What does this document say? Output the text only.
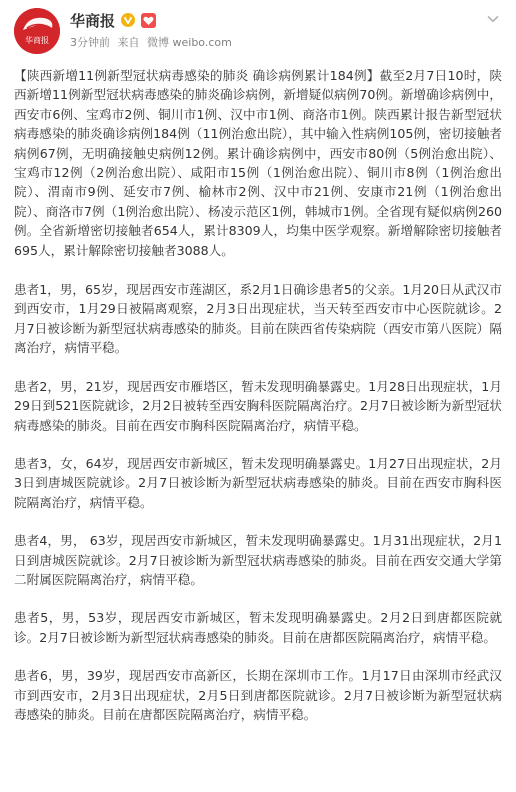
华商报
华商报
3分钟前 来自 微博 weibo.com

【陕西新增11例新型冠状病毒感染的肺炎 确诊病例累计184例】截至2月7日10时，陕西新增11例新型冠状病毒感染的肺炎确诊病例，新增疑似病例70例。新增确诊病例中，西安市6例、宝鸡市2例、铜川市1例、汉中市1例、商洛市1例。陕西累计报告新型冠状病毒感染的肺炎确诊病例184例（11例治愈出院），其中输入性病例105例，密切接触者病例67例，无明确接触史病例12例。累计确诊病例中，西安市80例（5例治愈出院）、宝鸡市12例（2例治愈出院）、咸阳市15例（1例治愈出院）、铜川市8例（1例治愈出院）、渭南市9例、延安市7例、榆林市2例、汉中市21例、安康市21例（1例治愈出院）、商洛市7例（1例治愈出院）、杨凌示范区1例，韩城市1例。全省现有疑似病例260例。全省新增密切接触者654人，累计8309人，均集中医学观察。新增解除密切接触者695人，累计解除密切接触者3088人。

患者1，男，65岁，现居西安市莲湖区，系2月1日确诊患者5的父亲。1月20日从武汉市到西安市，1月29日被隔离观察，2月3日出现症状，当天转至西安市中心医院就诊。2月7日被诊断为新型冠状病毒感染的肺炎。目前在陕西省传染病院（西安市第八医院）隔离治疗，病情平稳。

患者2，男，21岁，现居西安市雁塔区，暂未发现明确暴露史。1月28日出现症状，1月29日到521医院就诊，2月2日被转至西安胸科医院隔离治疗。2月7日被诊断为新型冠状病毒感染的肺炎。目前在西安市胸科医院隔离治疗，病情平稳。

患者3，女，64岁，现居西安市新城区，暂未发现明确暴露史。1月27日出现症状，2月3日到唐城医院就诊。2月7日被诊断为新型冠状病毒感染的肺炎。目前在西安市胸科医院隔离治疗，病情平稳。

患者4，男， 63岁，现居西安市新城区，暂未发现明确暴露史。1月31出现症状，2月1日到唐城医院就诊。2月7日被诊断为新型冠状病毒感染的肺炎。目前在西安交通大学第二附属医院隔离治疗，病情平稳。

患者5，男，53岁，现居西安市新城区，暂未发现明确暴露史。2月2日到唐都医院就诊。2月7日被诊断为新型冠状病毒感染的肺炎。目前在唐都医院隔离治疗，病情平稳。

患者6，男，39岁，现居西安市高新区，长期在深圳市工作。1月17日由深圳市经武汉市到西安市，2月3日出现症状，2月5日到唐都医院就诊。2月7日被诊断为新型冠状病毒感染的肺炎。目前在唐都医院隔离治疗，病情平稳。
